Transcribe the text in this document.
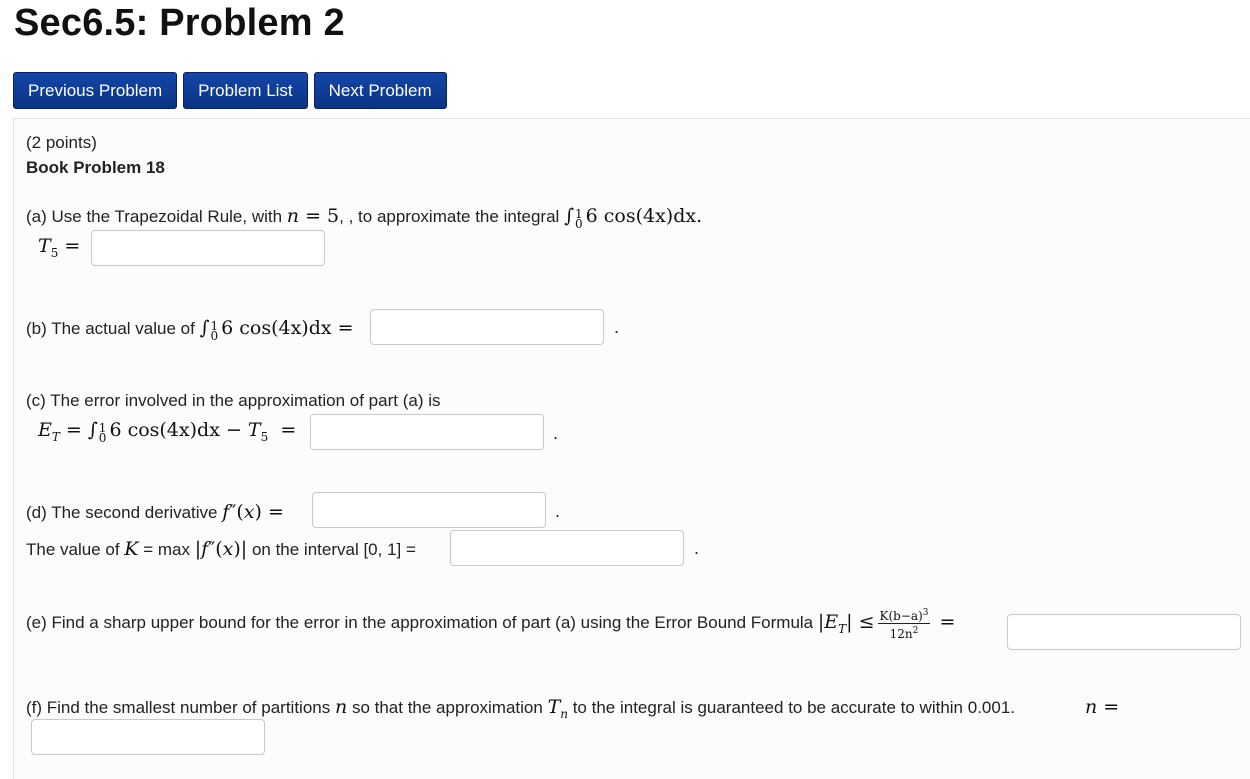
Sec6.5: Problem 2
Previous Problem	Problem List	Next Problem
(2 points)
Book Problem 18
(a) Use the Trapezoidal Rule, with n = 5, , to approximate the integral ∫ 1
0 6 cos(4x)dx.
$T_5$ =
(b) The actual value of ∫ 1
0 6 cos(4x)dx =	.
(c) The error involved in the approximation of part (a) is
$E_T$ = ∫ 1
0 6 $\cos(4x)dx - T_5$  =	.
(d) The second derivative f″(x) =	.
The value of K = max |f″(x)| on the interval [0, 1] =	.
(e) Find a sharp upper bound for the error in the approximation of part (a) using the Error Bound Formula $|E_T| \le \frac{K(b-a)^3}{12n^2}$ =
(f) Find the smallest number of partitions n so that the approximation $T_n$ to the integral is guaranteed to be accurate to within 0.001.	n =
